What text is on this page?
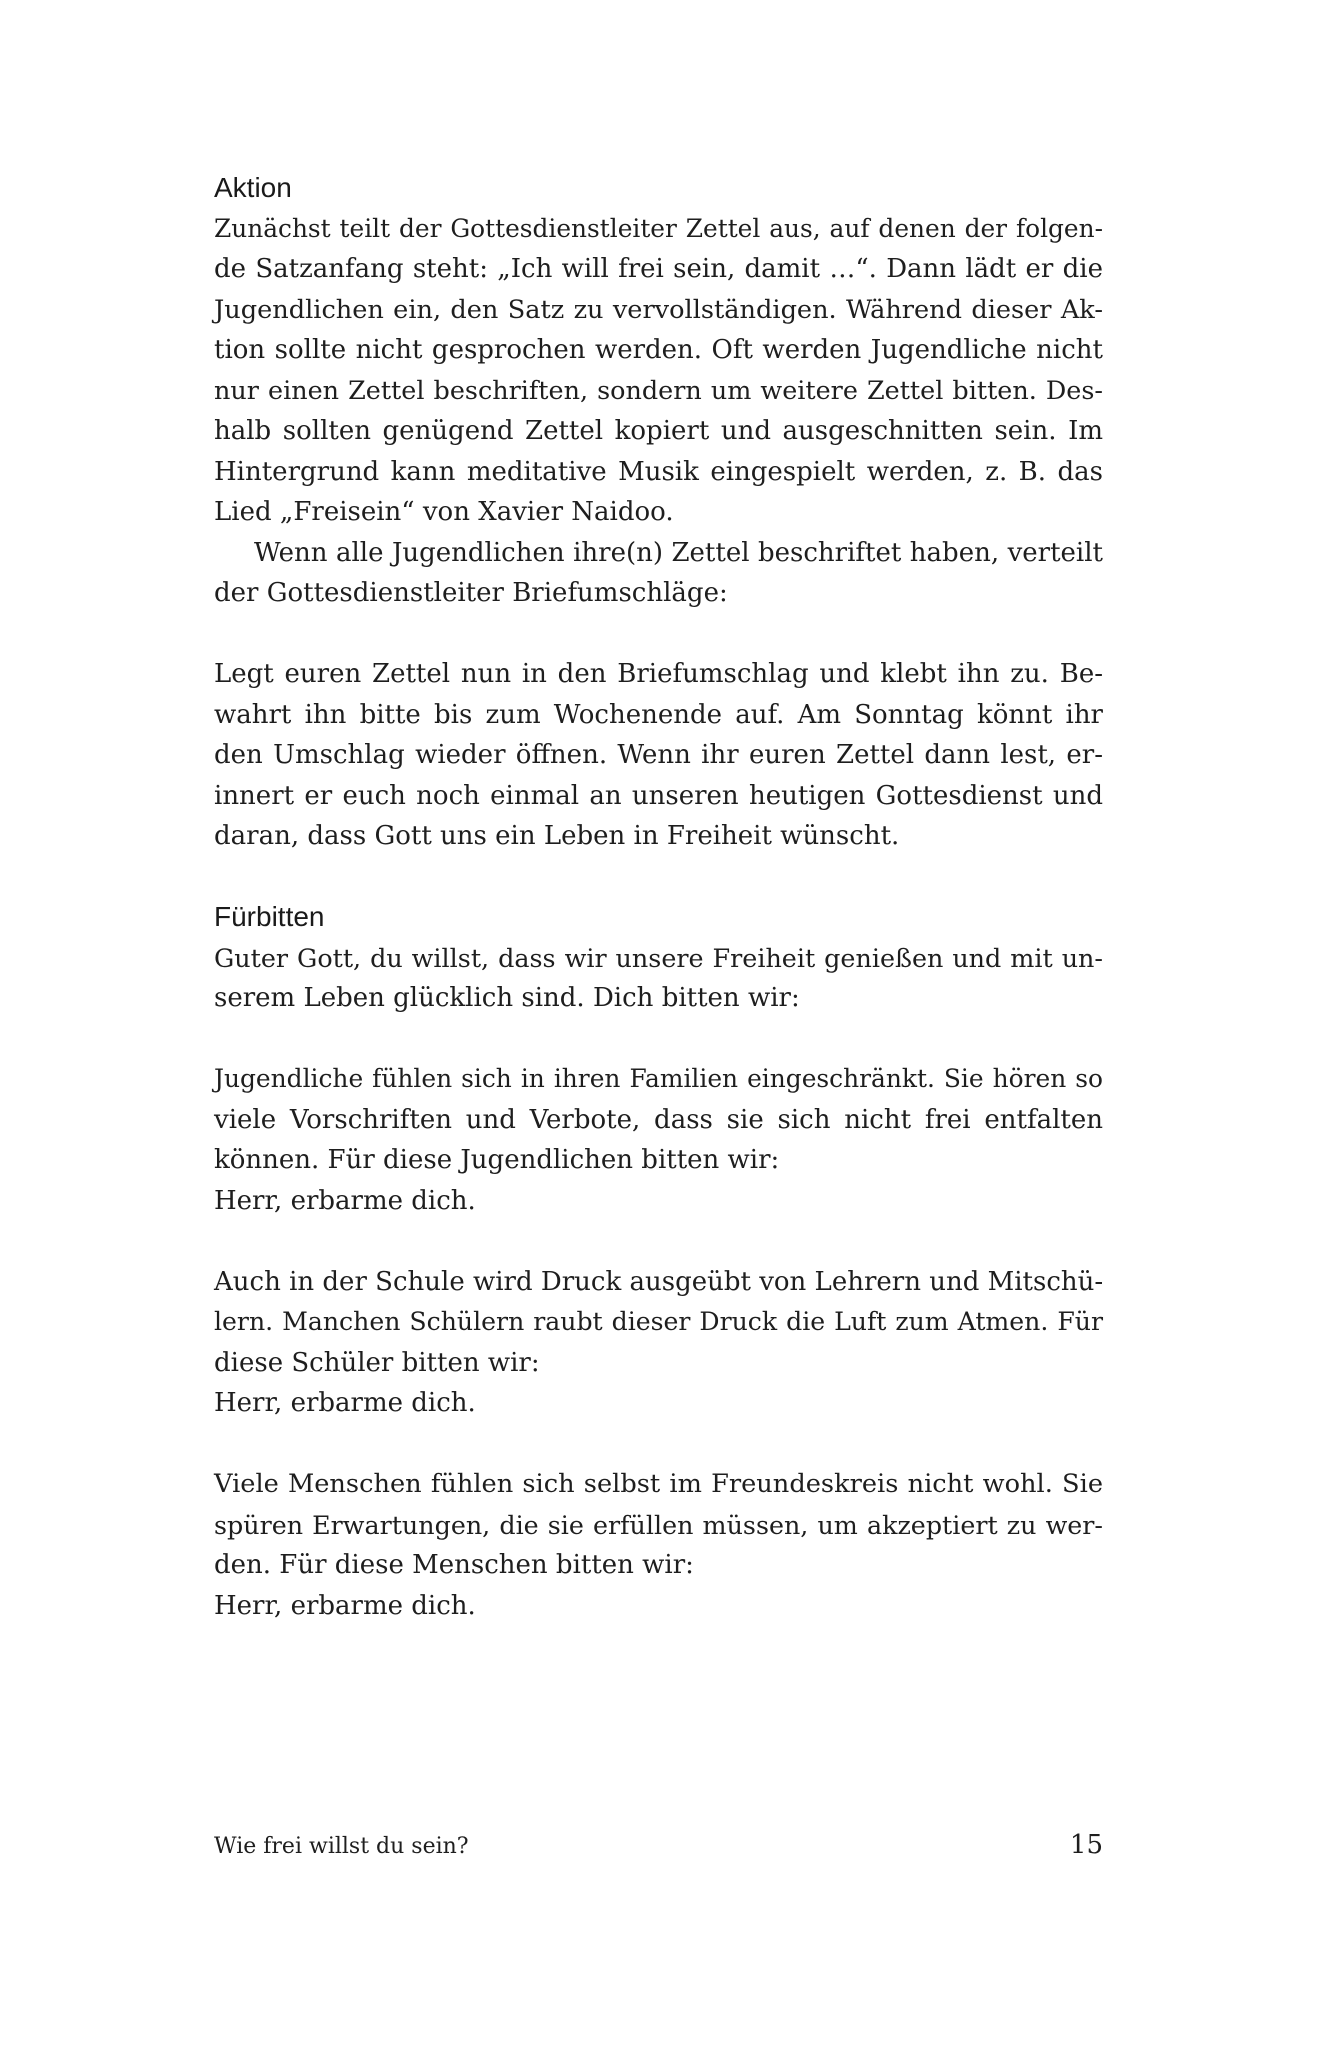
Aktion
Zunächst teilt der Gottesdienstleiter Zettel aus, auf denen der folgen-
de Satzanfang steht: „Ich will frei sein, damit …“. Dann lädt er die
Jugendlichen ein, den Satz zu vervollständigen. Während dieser Ak-
tion sollte nicht gesprochen werden. Oft werden Jugendliche nicht
nur einen Zettel beschriften, sondern um weitere Zettel bitten. Des-
halb sollten genügend Zettel kopiert und ausgeschnitten sein. Im
Hintergrund kann meditative Musik eingespielt werden, z. B. das
Lied „Freisein“ von Xavier Naidoo.
Wenn alle Jugendlichen ihre(n) Zettel beschriftet haben, verteilt
der Gottesdienstleiter Briefumschläge:
Legt euren Zettel nun in den Briefumschlag und klebt ihn zu. Be-
wahrt ihn bitte bis zum Wochenende auf. Am Sonntag könnt ihr
den Umschlag wieder öffnen. Wenn ihr euren Zettel dann lest, er-
innert er euch noch einmal an unseren heutigen Gottesdienst und
daran, dass Gott uns ein Leben in Freiheit wünscht.
Fürbitten
Guter Gott, du willst, dass wir unsere Freiheit genießen und mit un-
serem Leben glücklich sind. Dich bitten wir:
Jugendliche fühlen sich in ihren Familien eingeschränkt. Sie hören so
viele Vorschriften und Verbote, dass sie sich nicht frei entfalten
können. Für diese Jugendlichen bitten wir:
Herr, erbarme dich.
Auch in der Schule wird Druck ausgeübt von Lehrern und Mitschü-
lern. Manchen Schülern raubt dieser Druck die Luft zum Atmen. Für
diese Schüler bitten wir:
Herr, erbarme dich.
Viele Menschen fühlen sich selbst im Freundeskreis nicht wohl. Sie
spüren Erwartungen, die sie erfüllen müssen, um akzeptiert zu wer-
den. Für diese Menschen bitten wir:
Herr, erbarme dich.
Wie frei willst du sein?	15
